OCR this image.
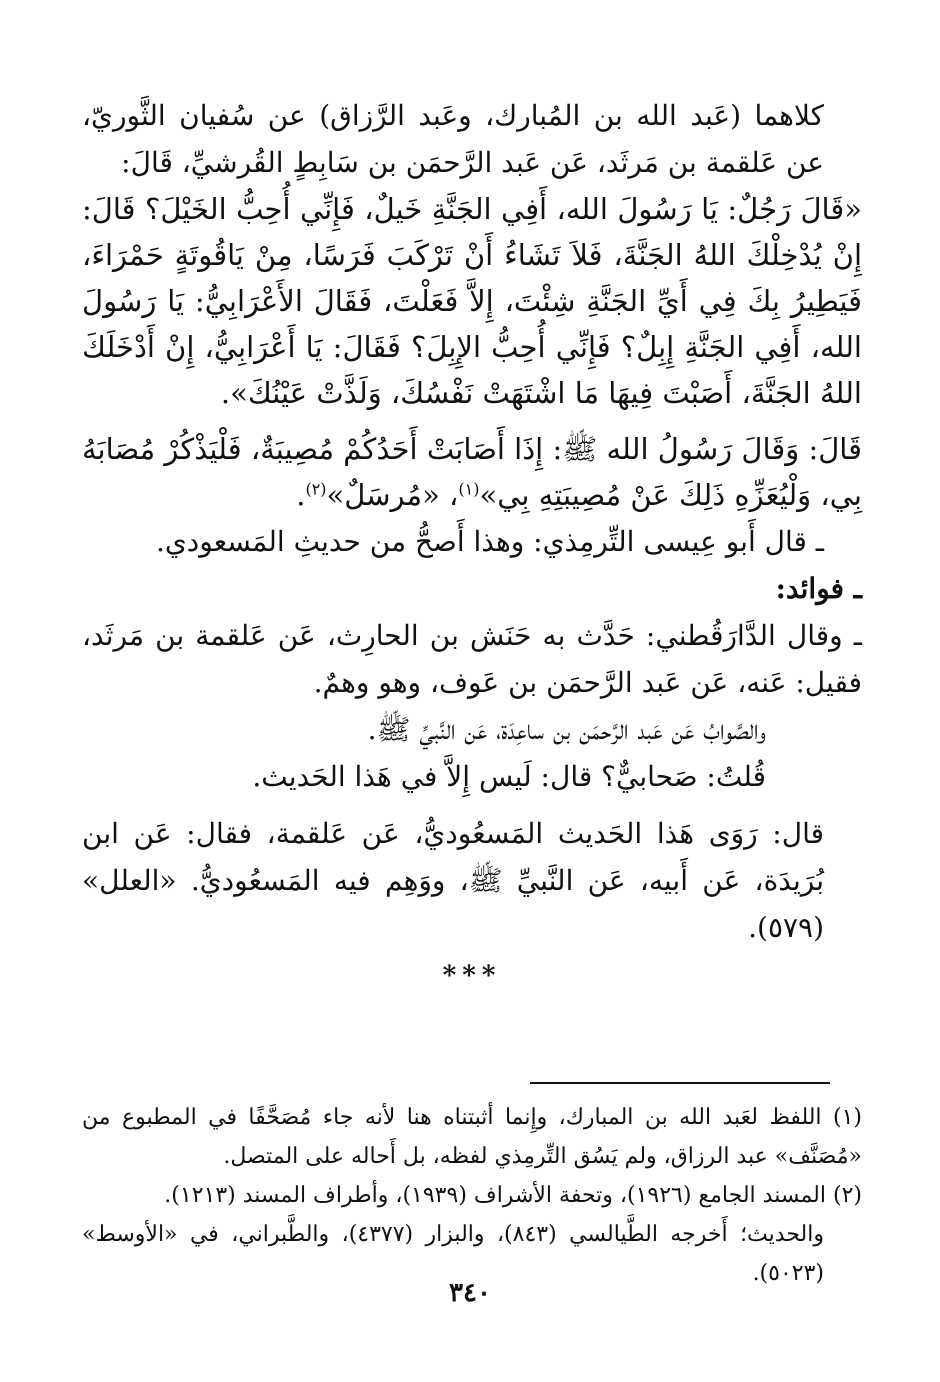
كلاهما (عَبد الله بن المُبارك، وعَبد الرَّزاق) عن سُفيان الثَّوريّ، عن عَلقمة بن مَرثَد، عَن عَبد الرَّحمَن بن سَابِطٍ القُرشيِّ، قَالَ:

«قَالَ رَجُلٌ: يَا رَسُولَ الله، أَفِي الجَنَّةِ خَيلٌ، فَإِنِّي أُحِبُّ الخَيْلَ؟ قَالَ: إِنْ يُدْخِلْكَ اللهُ الجَنَّةَ، فَلاَ تَشَاءُ أَنْ تَرْكَبَ فَرَسًا، مِنْ يَاقُوتَةٍ حَمْرَاءَ، فَيَطِيرُ بِكَ فِي أَيِّ الجَنَّةِ شِئْتَ، إِلاَّ فَعَلْتَ، فَقَالَ الأَعْرَابِيُّ: يَا رَسُولَ الله، أَفِي الجَنَّةِ إِبِلٌ؟ فَإِنِّي أُحِبُّ الإِبِلَ؟ فَقَالَ: يَا أَعْرَابِيُّ، إِنْ أَدْخَلَكَ اللهُ الجَنَّةَ، أَصَبْتَ فِيهَا مَا اشْتَهَتْ نَفْسُكَ، وَلَذَّتْ عَيْنُكَ».

قَالَ: وَقَالَ رَسُولُ الله ﷺ: إِذَا أَصَابَتْ أَحَدُكُمْ مُصِيبَةٌ، فَلْيَذْكُرْ مُصَابَهُ بِي، وَلْيُعَزِّهِ ذَلِكَ عَنْ مُصِيبَتِهِ بِي»$^{(١)}$، «مُرسَلٌ»$^{(٢)}$.

ـ قال أَبو عِيسى التِّرمِذي: وهذا أَصحُّ من حديثِ المَسعودي.

ـ فوائد:

ـ وقال الدَّارَقُطني: حَدَّث به حَنَش بن الحارِث، عَن عَلقمة بن مَرثَد، فقيل: عَنه، عَن عَبد الرَّحمَن بن عَوف، وهو وهمٌ.

والصَّوابُ عَن عَبد الرَّحمَن بن ساعِدَة، عَن النَّبيِّ ﷺ.

قُلتُ: صَحابيٌّ؟ قال: لَيس إِلاَّ في هَذا الحَديث.

قال: رَوَى هَذا الحَديث المَسعُوديُّ، عَن عَلقمة، فقال: عَن ابن بُرَيدَة، عَن أَبيه، عَن النَّبيِّ ﷺ، ووَهِم فيه المَسعُوديُّ. «العلل» (٥٧٩).

***

(١) اللفظ لعَبد الله بن المبارك، وإِنما أثبتناه هنا لأنه جاء مُصَحَّفًا في المطبوع من «مُصَنَّف» عبد الرزاق، ولم يَسُق التِّرمِذي لفظه، بل أَحاله على المتصل.

(٢) المسند الجامع (١٩٢٦)، وتحفة الأشراف (١٩٣٩)، وأطراف المسند (١٢١٣).

والحديث؛ أَخرجه الطَّيالسي (٨٤٣)، والبزار (٤٣٧٧)، والطَّبراني، في «الأوسط» (٥٠٢٣).

٣٤٠
